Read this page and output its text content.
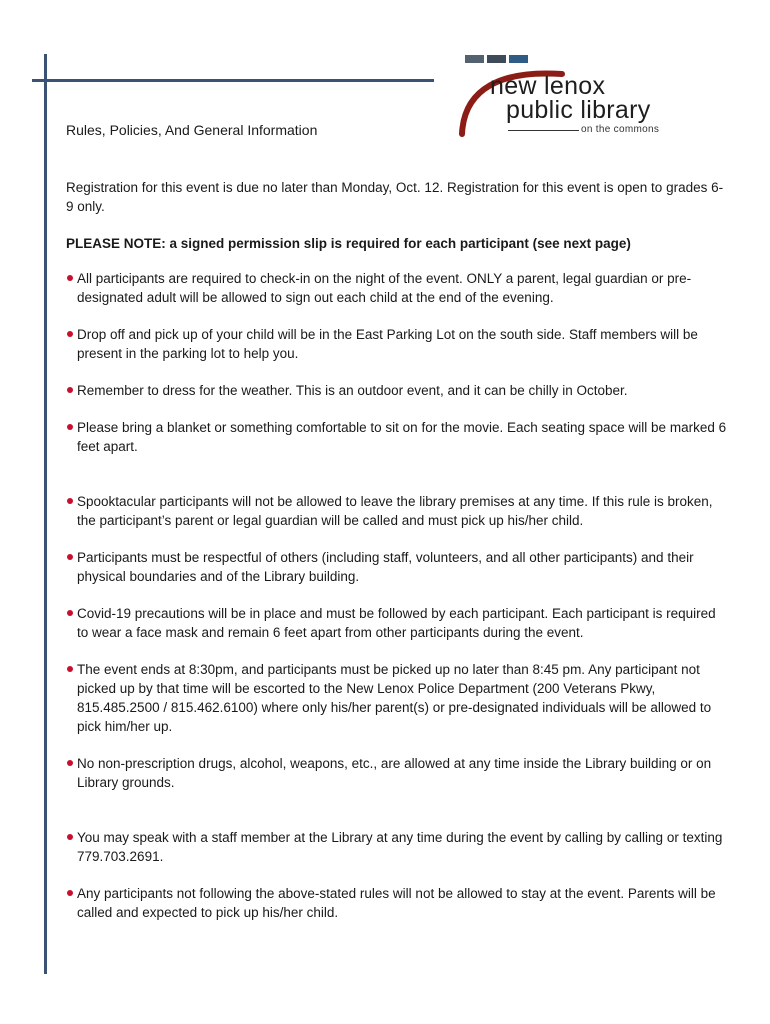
new lenox
public library
on the commons
Rules, Policies, And General Information

Registration for this event is due no later than Monday, Oct. 12. Registration for this event is open to grades 6-9 only.

PLEASE NOTE: a signed permission slip is required for each participant (see next page)

All participants are required to check-in on the night of the event. ONLY a parent, legal guardian or pre-designated adult will be allowed to sign out each child at the end of the evening.
Drop off and pick up of your child will be in the East Parking Lot on the south side. Staff members will be present in the parking lot to help you.
Remember to dress for the weather. This is an outdoor event, and it can be chilly in October.
Please bring a blanket or something comfortable to sit on for the movie. Each seating space will be marked 6 feet apart.
Spooktacular participants will not be allowed to leave the library premises at any time. If this rule is broken, the participant’s parent or legal guardian will be called and must pick up his/her child.
Participants must be respectful of others (including staff, volunteers, and all other participants) and their physical boundaries and of the Library building.
Covid-19 precautions will be in place and must be followed by each participant. Each participant is required to wear a face mask and remain 6 feet apart from other participants during the event.
The event ends at 8:30pm, and participants must be picked up no later than 8:45 pm. Any participant not picked up by that time will be escorted to the New Lenox Police Department (200 Veterans Pkwy, 815.485.2500 / 815.462.6100) where only his/her parent(s) or pre-designated individuals will be allowed to pick him/her up.
No non-prescription drugs, alcohol, weapons, etc., are allowed at any time inside the Library building or on Library grounds.
You may speak with a staff member at the Library at any time during the event by calling by calling or texting 779.703.2691.
Any participants not following the above-stated rules will not be allowed to stay at the event. Parents will be called and expected to pick up his/her child.
